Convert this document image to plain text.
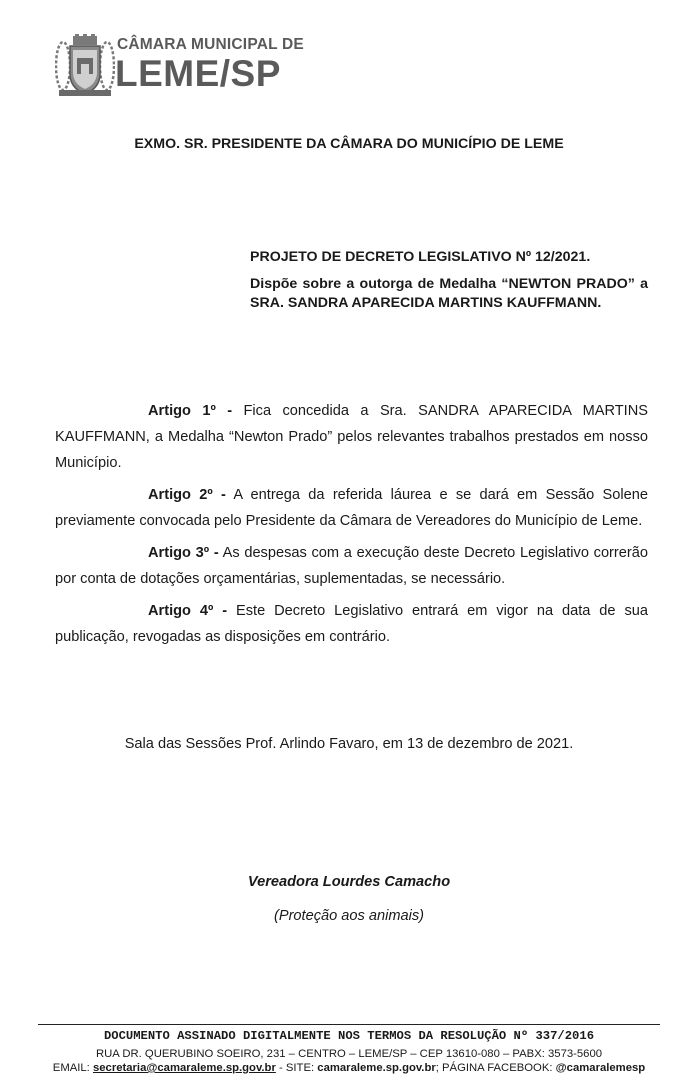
CÂMARA MUNICIPAL DE
LEME/SP
EXMO. SR. PRESIDENTE DA CÂMARA DO MUNICÍPIO DE LEME

PROJETO DE DECRETO LEGISLATIVO Nº 12/2021.

Dispõe sobre a outorga de Medalha “NEWTON PRADO” a SRA. SANDRA APARECIDA MARTINS KAUFFMANN.

Artigo 1º - Fica concedida a Sra. SANDRA APARECIDA MARTINS KAUFFMANN, a Medalha “Newton Prado” pelos relevantes trabalhos prestados em nosso Município.

Artigo 2º - A entrega da referida láurea e se dará em Sessão Solene previamente convocada pelo Presidente da Câmara de Vereadores do Município de Leme.

Artigo 3º - As despesas com a execução deste Decreto Legislativo correrão por conta de dotações orçamentárias, suplementadas, se necessário.

Artigo 4º - Este Decreto Legislativo entrará em vigor na data de sua publicação, revogadas as disposições em contrário.

Sala das Sessões Prof. Arlindo Favaro, em 13 de dezembro de 2021.
Vereadora Lourdes Camacho
(Proteção aos animais)
DOCUMENTO ASSINADO DIGITALMENTE NOS TERMOS DA RESOLUÇÃO Nº 337/2016
RUA DR. QUERUBINO SOEIRO, 231 – CENTRO – LEME/SP – CEP 13610-080 – PABX: 3573-5600
EMAIL: secretaria@camaraleme.sp.gov.br - SITE: camaraleme.sp.gov.br; PÁGINA FACEBOOK: @camaralemesp
